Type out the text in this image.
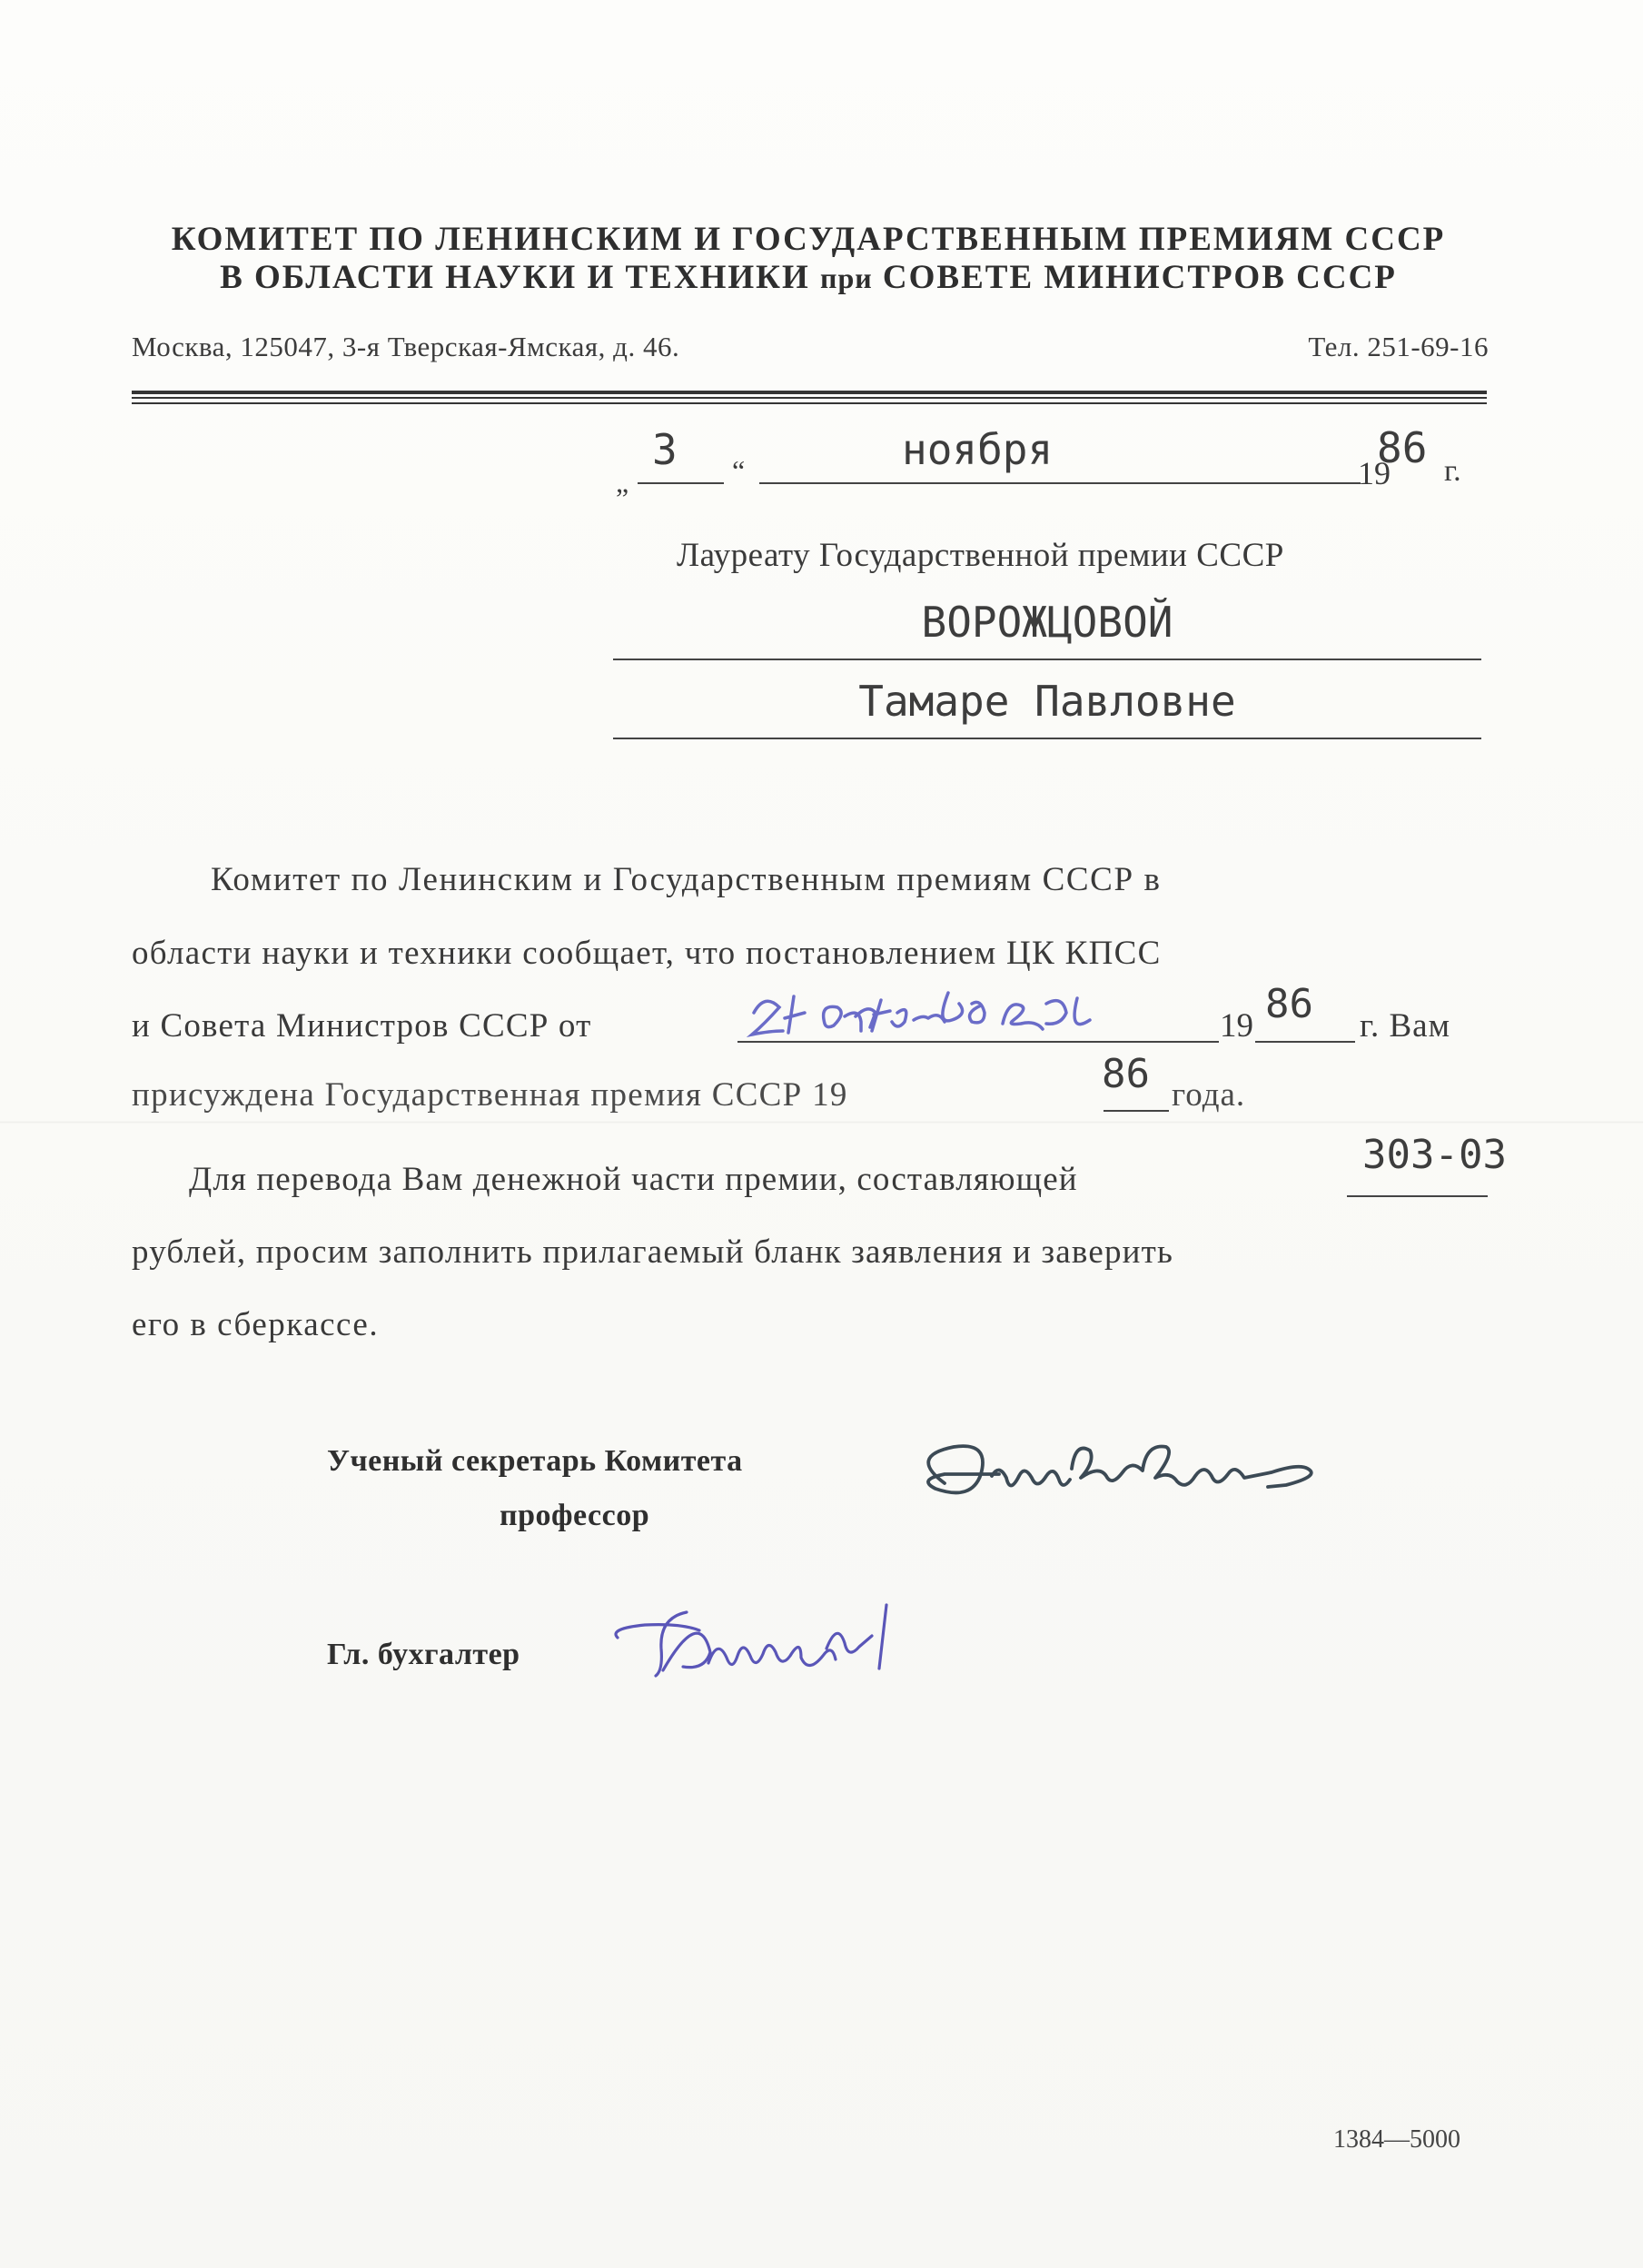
КОМИТЕТ ПО ЛЕНИНСКИМ И ГОСУДАРСТВЕННЫМ ПРЕМИЯМ СССР
В ОБЛАСТИ НАУКИ И ТЕХНИКИ при СОВЕТЕ МИНИСТРОВ СССР
Москва, 125047, 3-я Тверская-Ямская, д. 46.	Тел. 251-69-16
„
3 “	ноября	19
86 г.
Лауреату Государственной премии СССР
ВОРОЖЦОВОЙ
Тамаре Павловне
Комитет по Ленинским и Государственным премиям СССР в
области науки и техники сообщает, что постановлением ЦК КПСС
и Совета Министров СССР от	19 86 г. Вам
присуждена Государственная премия СССР 19	86 года.
Для перевода Вам денежной части премии, составляющей
303-03
рублей, просим заполнить прилагаемый бланк заявления и заверить
его в сберкассе.
Ученый секретарь Комитета
профессор
Гл. бухгалтер
1384—5000
